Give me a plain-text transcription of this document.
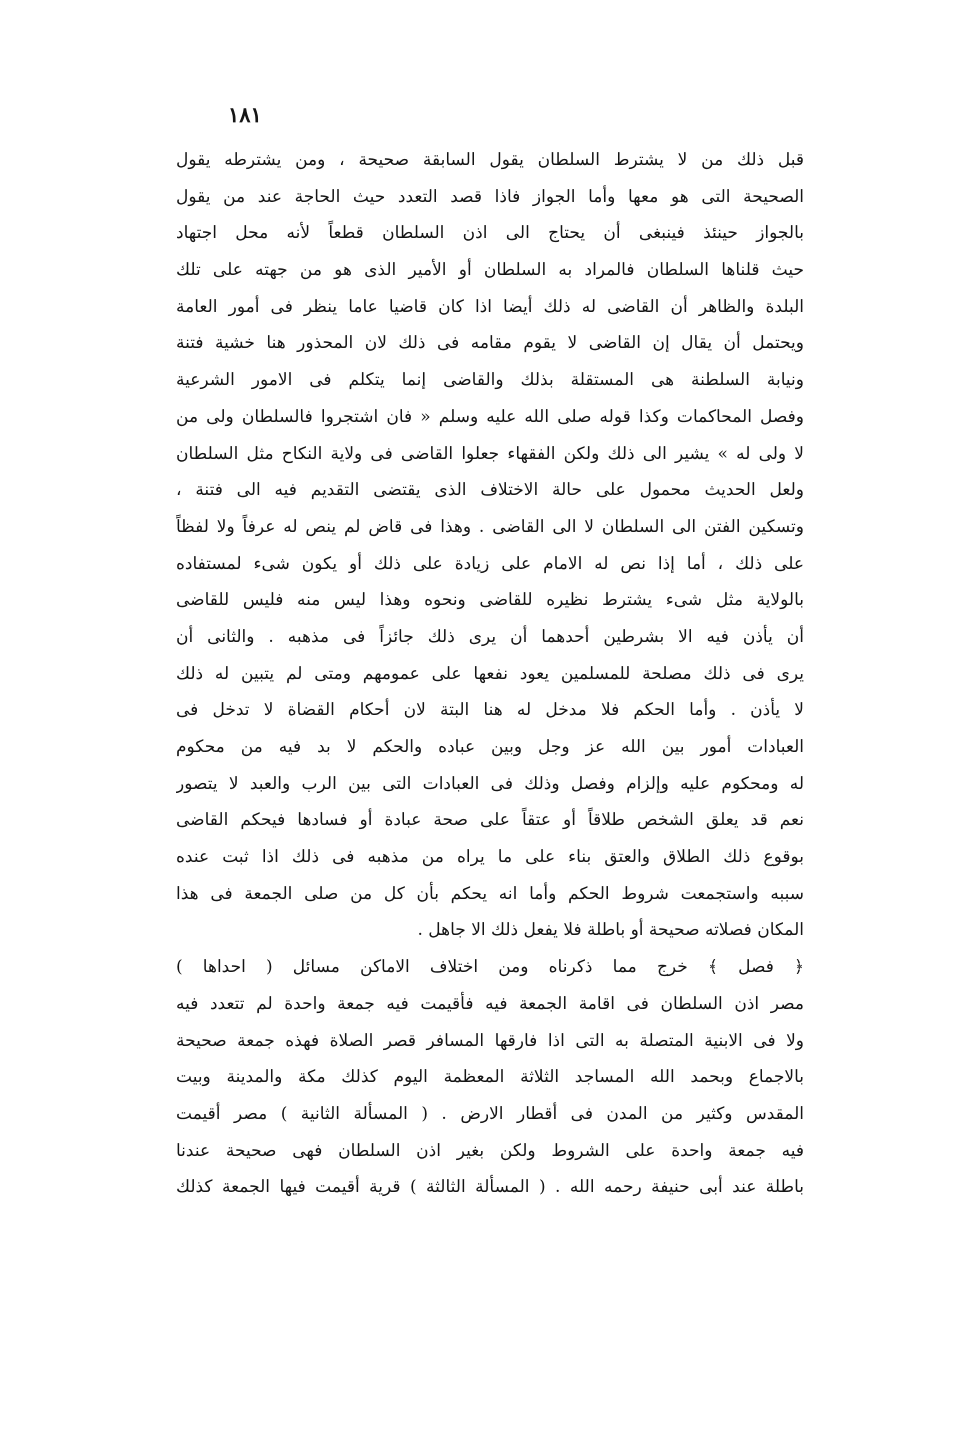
١٨١
قبل ذلك من لا يشترط السلطان يقول السابقة صحيحة ، ومن يشترطه يقول
الصحيحة التى هو معها وأما الجواز فاذا قصد التعدد حيث الحاجة عند من يقول
بالجواز حينئذ فينبغى أن يحتاج الى اذن السلطان قطعاً لأنه محل اجتهاد
حيث قلناها السلطان فالمراد به السلطان أو الأمير الذى هو من جهته على تلك
البلدة والظاهر أن القاضى له ذلك أيضا اذا كان قاضيا عاما ينظر فى أمور العامة
ويحتمل أن يقال إن القاضى لا يقوم مقامه فى ذلك لان المحذور هنا خشية فتنة
ونيابة السلطنة هى المستقلة بذلك والقاضى إنما يتكلم فى الامور الشرعية
وفصل المحاكمات وكذا قوله صلى الله عليه وسلم « فان اشتجروا فالسلطان ولى من
لا ولى له » يشير الى ذلك ولكن الفقهاء جعلوا القاضى فى ولاية النكاح مثل السلطان
ولعل الحديث محمول على حالة الاختلاف الذى يقتضى التقديم فيه الى فتنة ،
وتسكين الفتن الى السلطان لا الى القاضى . وهذا فى قاض لم ينص له عرفاً ولا لفظاً
على ذلك ، أما إذا نص له الامام على زيادة على ذلك أو يكون شىء لمستفاده
بالولاية مثل شىء يشترط نظيره للقاضى ونحوه وهذا ليس منه فليس للقاضى
أن يأذن فيه الا بشرطين أحدهما أن يرى ذلك جائزاً فى مذهبه . والثانى أن
يرى فى ذلك مصلحة للمسلمين يعود نفعها على عمومهم ومتى لم يتبين له ذلك
لا يأذن . وأما الحكم فلا مدخل له هنا البتة لان أحكام القضاة لا تدخل فى
العبادات أمور بين الله عز وجل وبين عباده والحكم لا بد فيه من محكوم
له ومحكوم عليه وإلزام وفصل وذلك فى العبادات التى بين الرب والعبد لا يتصور
نعم قد يعلق الشخص طلاقاً أو عتقاً على صحة عبادة أو فسادها فيحكم القاضى
بوقوع ذلك الطلاق والعتق بناء على ما يراه من مذهبه فى ذلك اذا ثبت عنده
سببه واستجمعت شروط الحكم وأما انه يحكم بأن كل من صلى الجمعة فى هذا
المكان فصلاته صحيحة أو باطلة فلا يفعل ذلك الا جاهل .
﴿ فصل ﴾ خرج مما ذكرناه ومن اختلاف الاماكن مسائل ( احداها )
مصر اذن السلطان فى اقامة الجمعة فيه فأقيمت فيه جمعة واحدة لم تتعدد فيه
ولا فى الابنية المتصلة به التى اذا فارقها المسافر قصر الصلاة فهذه جمعة صحيحة
بالاجماع وبحمد الله المساجد الثلاثة المعظمة اليوم كذلك مكة والمدينة وبيت
المقدس وكثير من المدن فى أقطار الارض . ( المسألة الثانية ) مصر أقيمت
فيه جمعة واحدة على الشروط ولكن بغير اذن السلطان فهى صحيحة عندنا
باطلة عند أبى حنيفة رحمه الله . ( المسألة الثالثة ) قرية أقيمت فيها الجمعة كذلك
